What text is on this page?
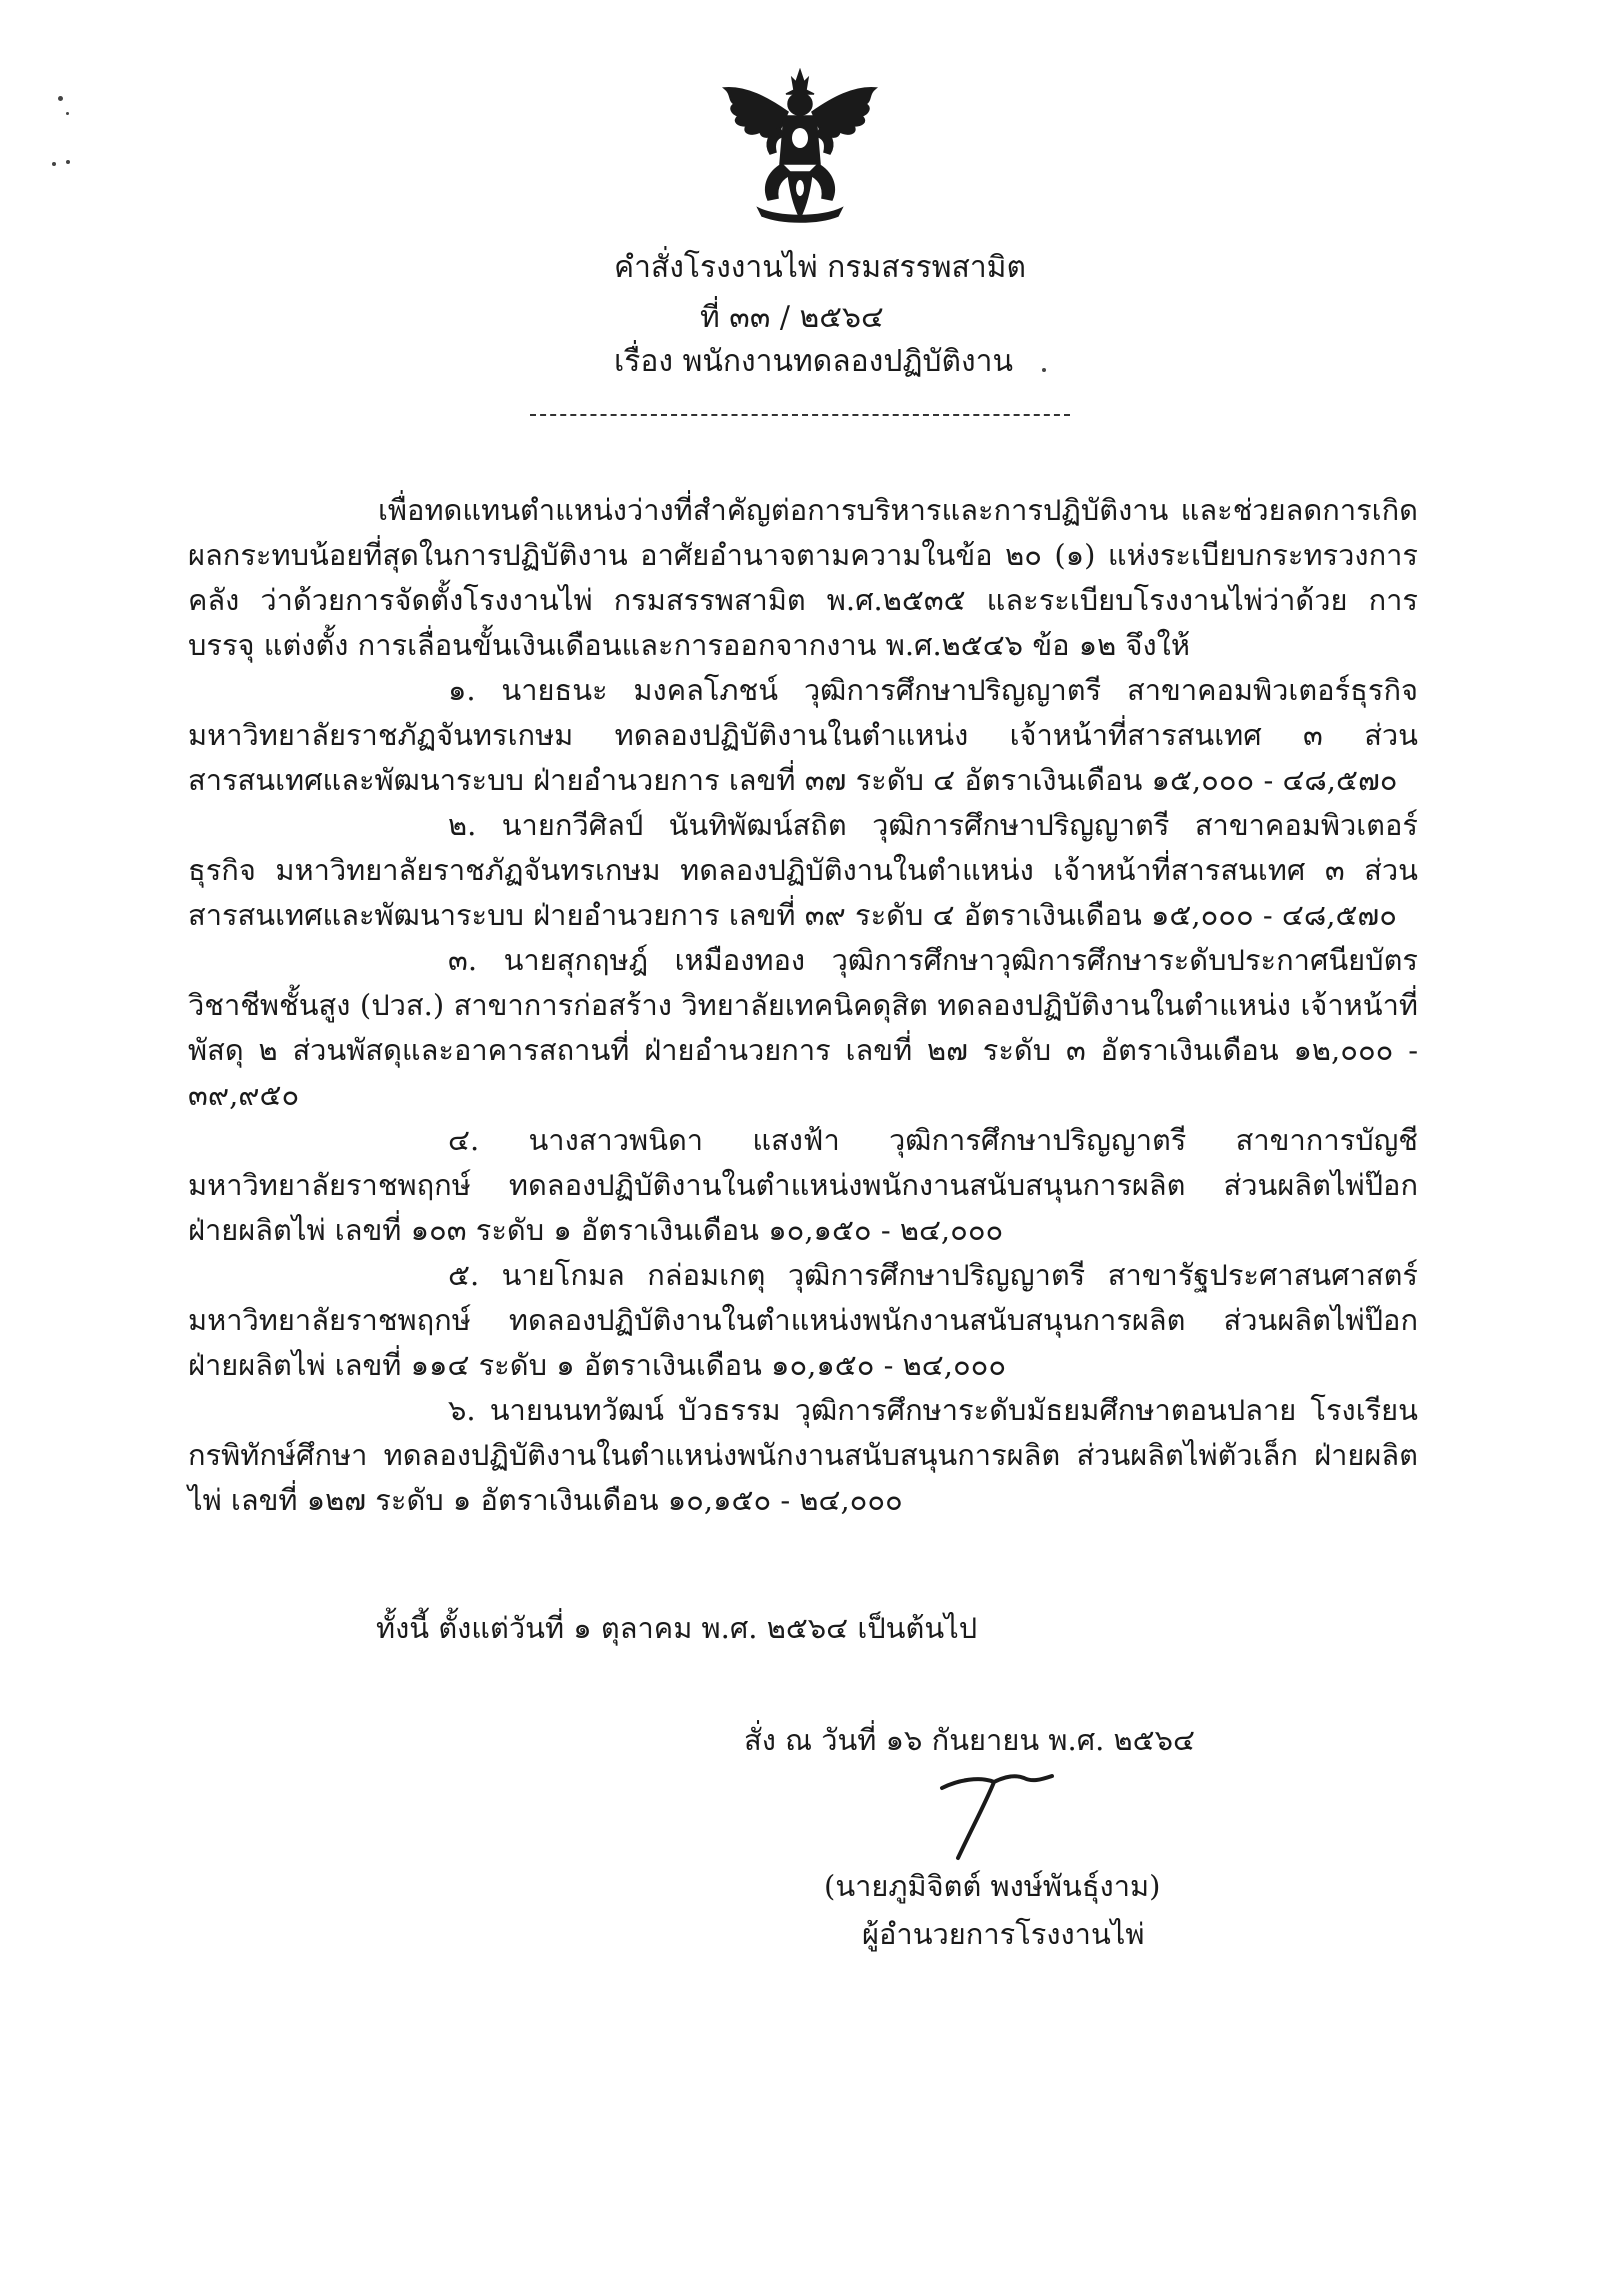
คำสั่งโรงงานไพ่ กรมสรรพสามิต
ที่ ๓๓ / ๒๕๖๔
เรื่อง พนักงานทดลองปฏิบัติงาน

เพื่อทดแทนตำแหน่งว่างที่สำคัญต่อการบริหารและการปฏิบัติงาน และช่วยลดการเกิดผลกระทบน้อยที่สุดในการปฏิบัติงาน อาศัยอำนาจตามความในข้อ ๒๐ (๑) แห่งระเบียบกระทรวงการคลัง ว่าด้วยการจัดตั้งโรงงานไพ่ กรมสรรพสามิต พ.ศ.๒๕๓๕ และระเบียบโรงงานไพ่ว่าด้วย การบรรจุ แต่งตั้ง การเลื่อนขั้นเงินเดือนและการออกจากงาน พ.ศ.๒๕๔๖ ข้อ ๑๒ จึงให้

๑. นายธนะ มงคลโภชน์ วุฒิการศึกษาปริญญาตรี สาขาคอมพิวเตอร์ธุรกิจ มหาวิทยาลัยราชภัฏจันทรเกษม ทดลองปฏิบัติงานในตำแหน่ง เจ้าหน้าที่สารสนเทศ ๓ ส่วนสารสนเทศและพัฒนาระบบ ฝ่ายอำนวยการ เลขที่ ๓๗ ระดับ ๔ อัตราเงินเดือน ๑๕,๐๐๐ - ๔๘,๕๗๐

๒. นายกวีศิลป์ นันทิพัฒน์สถิต วุฒิการศึกษาปริญญาตรี สาขาคอมพิวเตอร์ธุรกิจ มหาวิทยาลัยราชภัฏจันทรเกษม ทดลองปฏิบัติงานในตำแหน่ง เจ้าหน้าที่สารสนเทศ ๓ ส่วนสารสนเทศและพัฒนาระบบ ฝ่ายอำนวยการ เลขที่ ๓๙ ระดับ ๔ อัตราเงินเดือน ๑๕,๐๐๐ - ๔๘,๕๗๐

๓. นายสุกฤษฎ์ เหมืองทอง วุฒิการศึกษาวุฒิการศึกษาระดับประกาศนียบัตรวิชาชีพชั้นสูง (ปวส.) สาขาการก่อสร้าง วิทยาลัยเทคนิคดุสิต ทดลองปฏิบัติงานในตำแหน่ง เจ้าหน้าที่พัสดุ ๒ ส่วนพัสดุและอาคารสถานที่ ฝ่ายอำนวยการ เลขที่ ๒๗ ระดับ ๓ อัตราเงินเดือน ๑๒,๐๐๐ - ๓๙,๙๕๐

๔. นางสาวพนิดา แสงฟ้า วุฒิการศึกษาปริญญาตรี สาขาการบัญชี มหาวิทยาลัยราชพฤกษ์ ทดลองปฏิบัติงานในตำแหน่งพนักงานสนับสนุนการผลิต ส่วนผลิตไพ่ป๊อก ฝ่ายผลิตไพ่ เลขที่ ๑๐๓ ระดับ ๑ อัตราเงินเดือน ๑๐,๑๕๐ - ๒๔,๐๐๐

๕. นายโกมล กล่อมเกตุ วุฒิการศึกษาปริญญาตรี สาขารัฐประศาสนศาสตร์ มหาวิทยาลัยราชพฤกษ์ ทดลองปฏิบัติงานในตำแหน่งพนักงานสนับสนุนการผลิต ส่วนผลิตไพ่ป๊อก ฝ่ายผลิตไพ่ เลขที่ ๑๑๔ ระดับ ๑ อัตราเงินเดือน ๑๐,๑๕๐ - ๒๔,๐๐๐

๖. นายนนทวัฒน์ บัวธรรม วุฒิการศึกษาระดับมัธยมศึกษาตอนปลาย โรงเรียนกรพิทักษ์ศึกษา ทดลองปฏิบัติงานในตำแหน่งพนักงานสนับสนุนการผลิต ส่วนผลิตไพ่ตัวเล็ก ฝ่ายผลิตไพ่ เลขที่ ๑๒๗ ระดับ ๑ อัตราเงินเดือน ๑๐,๑๕๐ - ๒๔,๐๐๐

ทั้งนี้ ตั้งแต่วันที่ ๑ ตุลาคม พ.ศ. ๒๕๖๔ เป็นต้นไป
สั่ง ณ วันที่ ๑๖ กันยายน พ.ศ. ๒๕๖๔
(นายภูมิจิตต์ พงษ์พันธุ์งาม)
ผู้อำนวยการโรงงานไพ่
